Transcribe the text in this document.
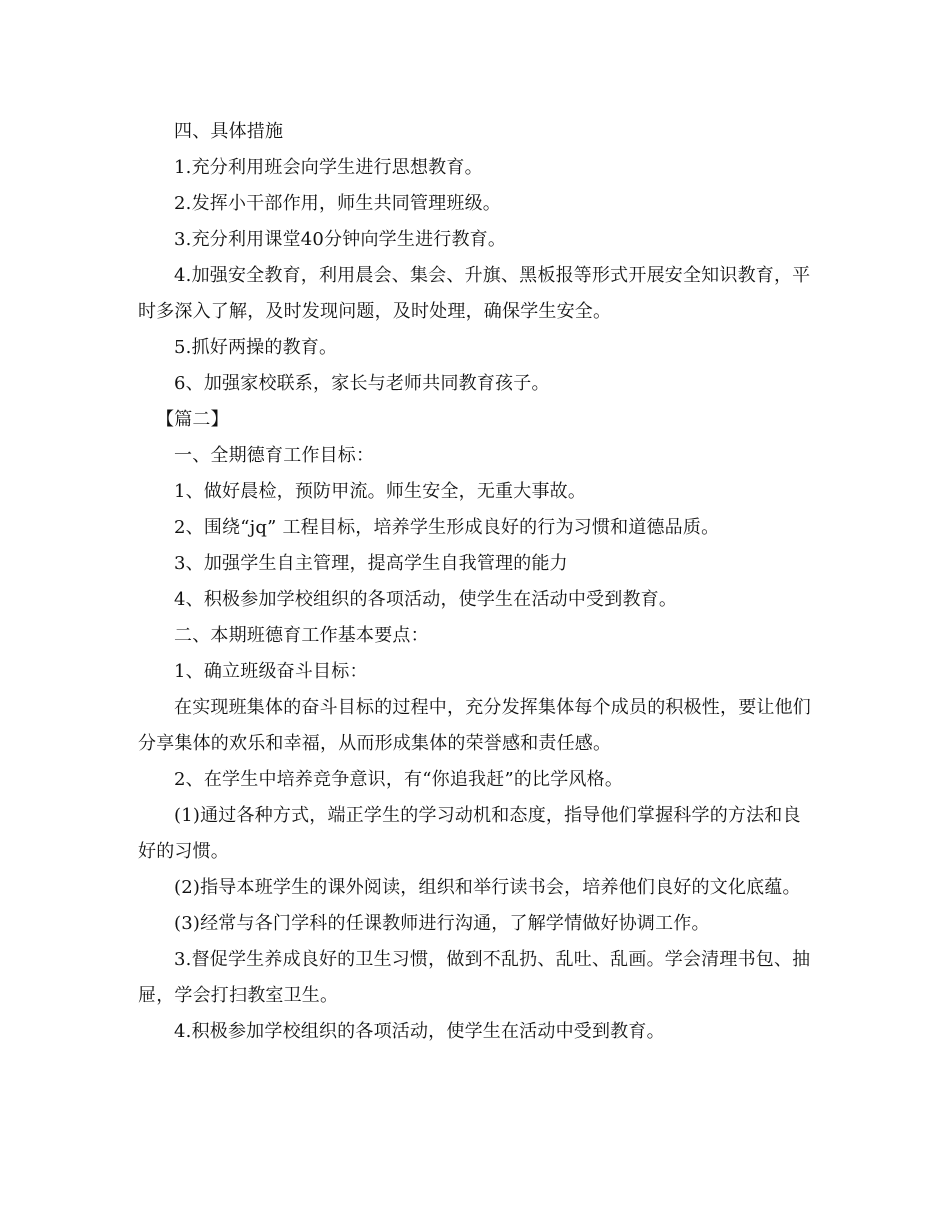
四、具体措施

1.充分利用班会向学生进行思想教育。

2.发挥小干部作用，师生共同管理班级。

3.充分利用课堂40分钟向学生进行教育。

4.加强安全教育，利用晨会、集会、升旗、黑板报等形式开展安全知识教育，平时多深入了解，及时发现问题，及时处理，确保学生安全。

5.抓好两操的教育。

6、加强家校联系，家长与老师共同教育孩子。

【篇二】

一、全期德育工作目标：

1、做好晨检，预防甲流。师生安全，无重大事故。

2、围绕“jq” 工程目标，培养学生形成良好的行为习惯和道德品质。

3、加强学生自主管理，提高学生自我管理的能力

4、积极参加学校组织的各项活动，使学生在活动中受到教育。

二、本期班德育工作基本要点：

1、确立班级奋斗目标：

在实现班集体的奋斗目标的过程中，充分发挥集体每个成员的积极性，要让他们分享集体的欢乐和幸福，从而形成集体的荣誉感和责任感。

2、在学生中培养竞争意识，有“你追我赶”的比学风格。

(1)通过各种方式，端正学生的学习动机和态度，指导他们掌握科学的方法和良好的习惯。

(2)指导本班学生的课外阅读，组织和举行读书会，培养他们良好的文化底蕴。

(3)经常与各门学科的任课教师进行沟通，了解学情做好协调工作。

3.督促学生养成良好的卫生习惯，做到不乱扔、乱吐、乱画。学会清理书包、抽屉，学会打扫教室卫生。

4.积极参加学校组织的各项活动，使学生在活动中受到教育。
